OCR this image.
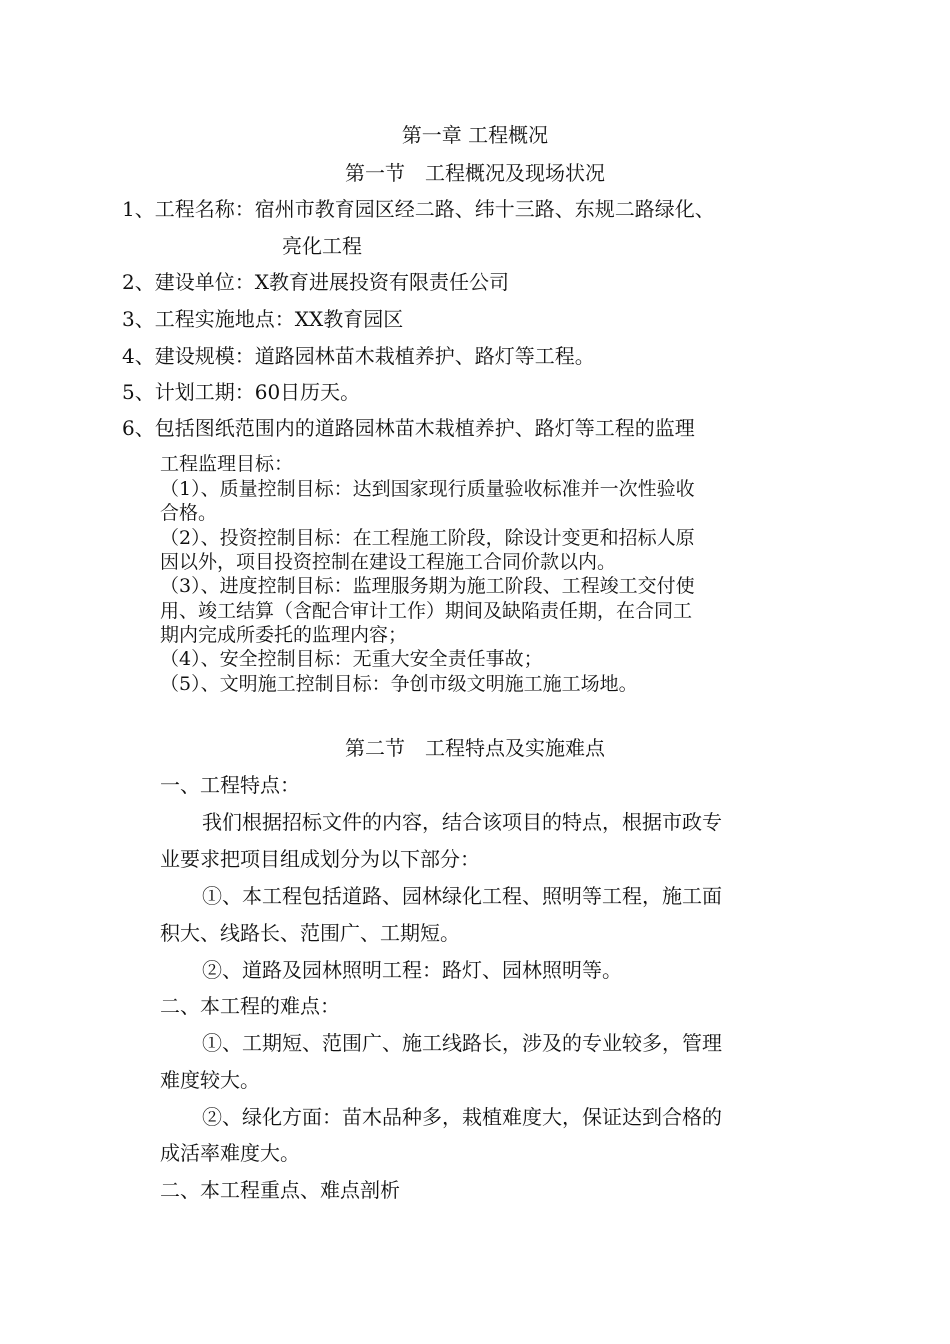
第一章 工程概况
第一节　工程概况及现场状况
1、工程名称：宿州市教育园区经二路、纬十三路、东规二路绿化、
亮化工程
2、建设单位：X教育进展投资有限责任公司
3、工程实施地点：XX教育园区
4、建设规模：道路园林苗木栽植养护、路灯等工程。
5、计划工期：60日历天。
6、包括图纸范围内的道路园林苗木栽植养护、路灯等工程的监理
工程监理目标：
（1）、质量控制目标：达到国家现行质量验收标准并一次性验收
合格。
（2）、投资控制目标：在工程施工阶段，除设计变更和招标人原
因以外，项目投资控制在建设工程施工合同价款以内。
（3）、进度控制目标：监理服务期为施工阶段、工程竣工交付使
用、竣工结算（含配合审计工作）期间及缺陷责任期，在合同工
期内完成所委托的监理内容；
（4）、安全控制目标：无重大安全责任事故；
（5）、文明施工控制目标：争创市级文明施工施工场地。
第二节　工程特点及实施难点
一、工程特点：
我们根据招标文件的内容，结合该项目的特点，根据市政专
业要求把项目组成划分为以下部分：
①、本工程包括道路、园林绿化工程、照明等工程，施工面
积大、线路长、范围广、工期短。
②、道路及园林照明工程：路灯、园林照明等。
二、本工程的难点：
①、工期短、范围广、施工线路长，涉及的专业较多，管理
难度较大。
②、绿化方面：苗木品种多，栽植难度大，保证达到合格的
成活率难度大。
二、本工程重点、难点剖析
